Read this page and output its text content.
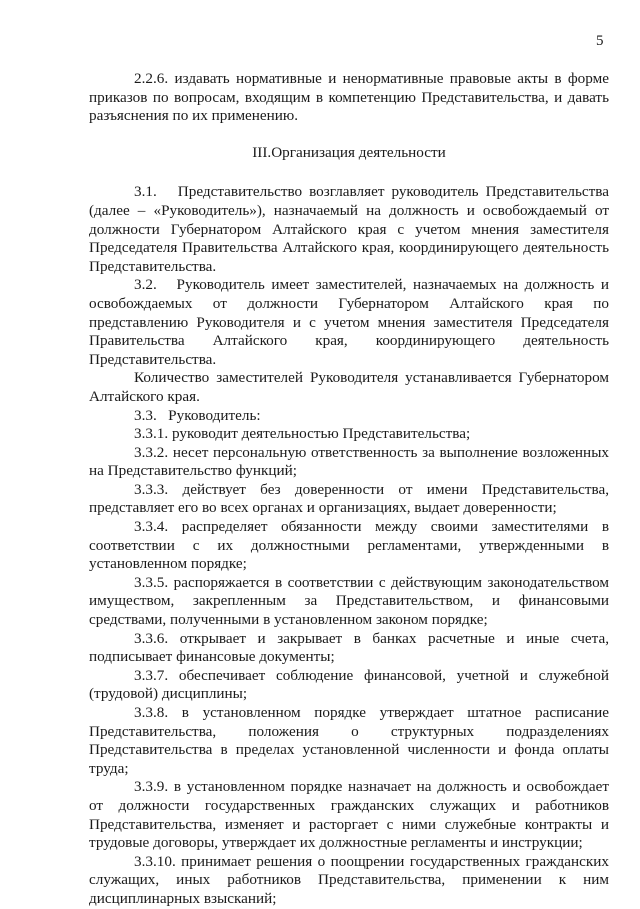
5

2.2.6. издавать нормативные и ненормативные правовые акты в форме приказов по вопросам, входящим в компетенцию Представительства, и давать разъяснения по их применению.

III.Организация деятельности

3.1.   Представительство возглавляет руководитель Представительства (далее – «Руководитель»), назначаемый на должность и освобождаемый от должности Губернатором Алтайского края с учетом мнения заместителя Председателя Правительства Алтайского края, координирующего деятельность Представительства.

3.2.   Руководитель имеет заместителей, назначаемых на должность и освобождаемых от должности Губернатором Алтайского края по представлению Руководителя и с учетом мнения заместителя Председателя Правительства Алтайского края, координирующего деятельность Представительства.

Количество заместителей Руководителя устанавливается Губернатором Алтайского края.

3.3.   Руководитель:

3.3.1. руководит деятельностью Представительства;

3.3.2. несет персональную ответственность за выполнение возложенных на Представительство функций;

3.3.3. действует без доверенности от имени Представительства, представляет его во всех органах и организациях, выдает доверенности;

3.3.4. распределяет обязанности между своими заместителями в соответствии с их должностными регламентами, утвержденными в установленном порядке;

3.3.5. распоряжается в соответствии с действующим законодательством имуществом, закрепленным за Представительством, и финансовыми средствами, полученными в установленном законом порядке;

3.3.6. открывает и закрывает в банках расчетные и иные счета, подписывает финансовые документы;

3.3.7. обеспечивает соблюдение финансовой, учетной и служебной (трудовой) дисциплины;

3.3.8. в установленном порядке утверждает штатное расписание Представительства, положения о структурных подразделениях Представительства в пределах установленной численности и фонда оплаты труда;

3.3.9. в установленном порядке назначает на должность и освобождает от должности государственных гражданских служащих и работников Представительства, изменяет и расторгает с ними служебные контракты и трудовые договоры, утверждает их должностные регламенты и инструкции;

3.3.10. принимает решения о поощрении государственных гражданских служащих, иных работников Представительства, применении к ним дисциплинарных взысканий;
